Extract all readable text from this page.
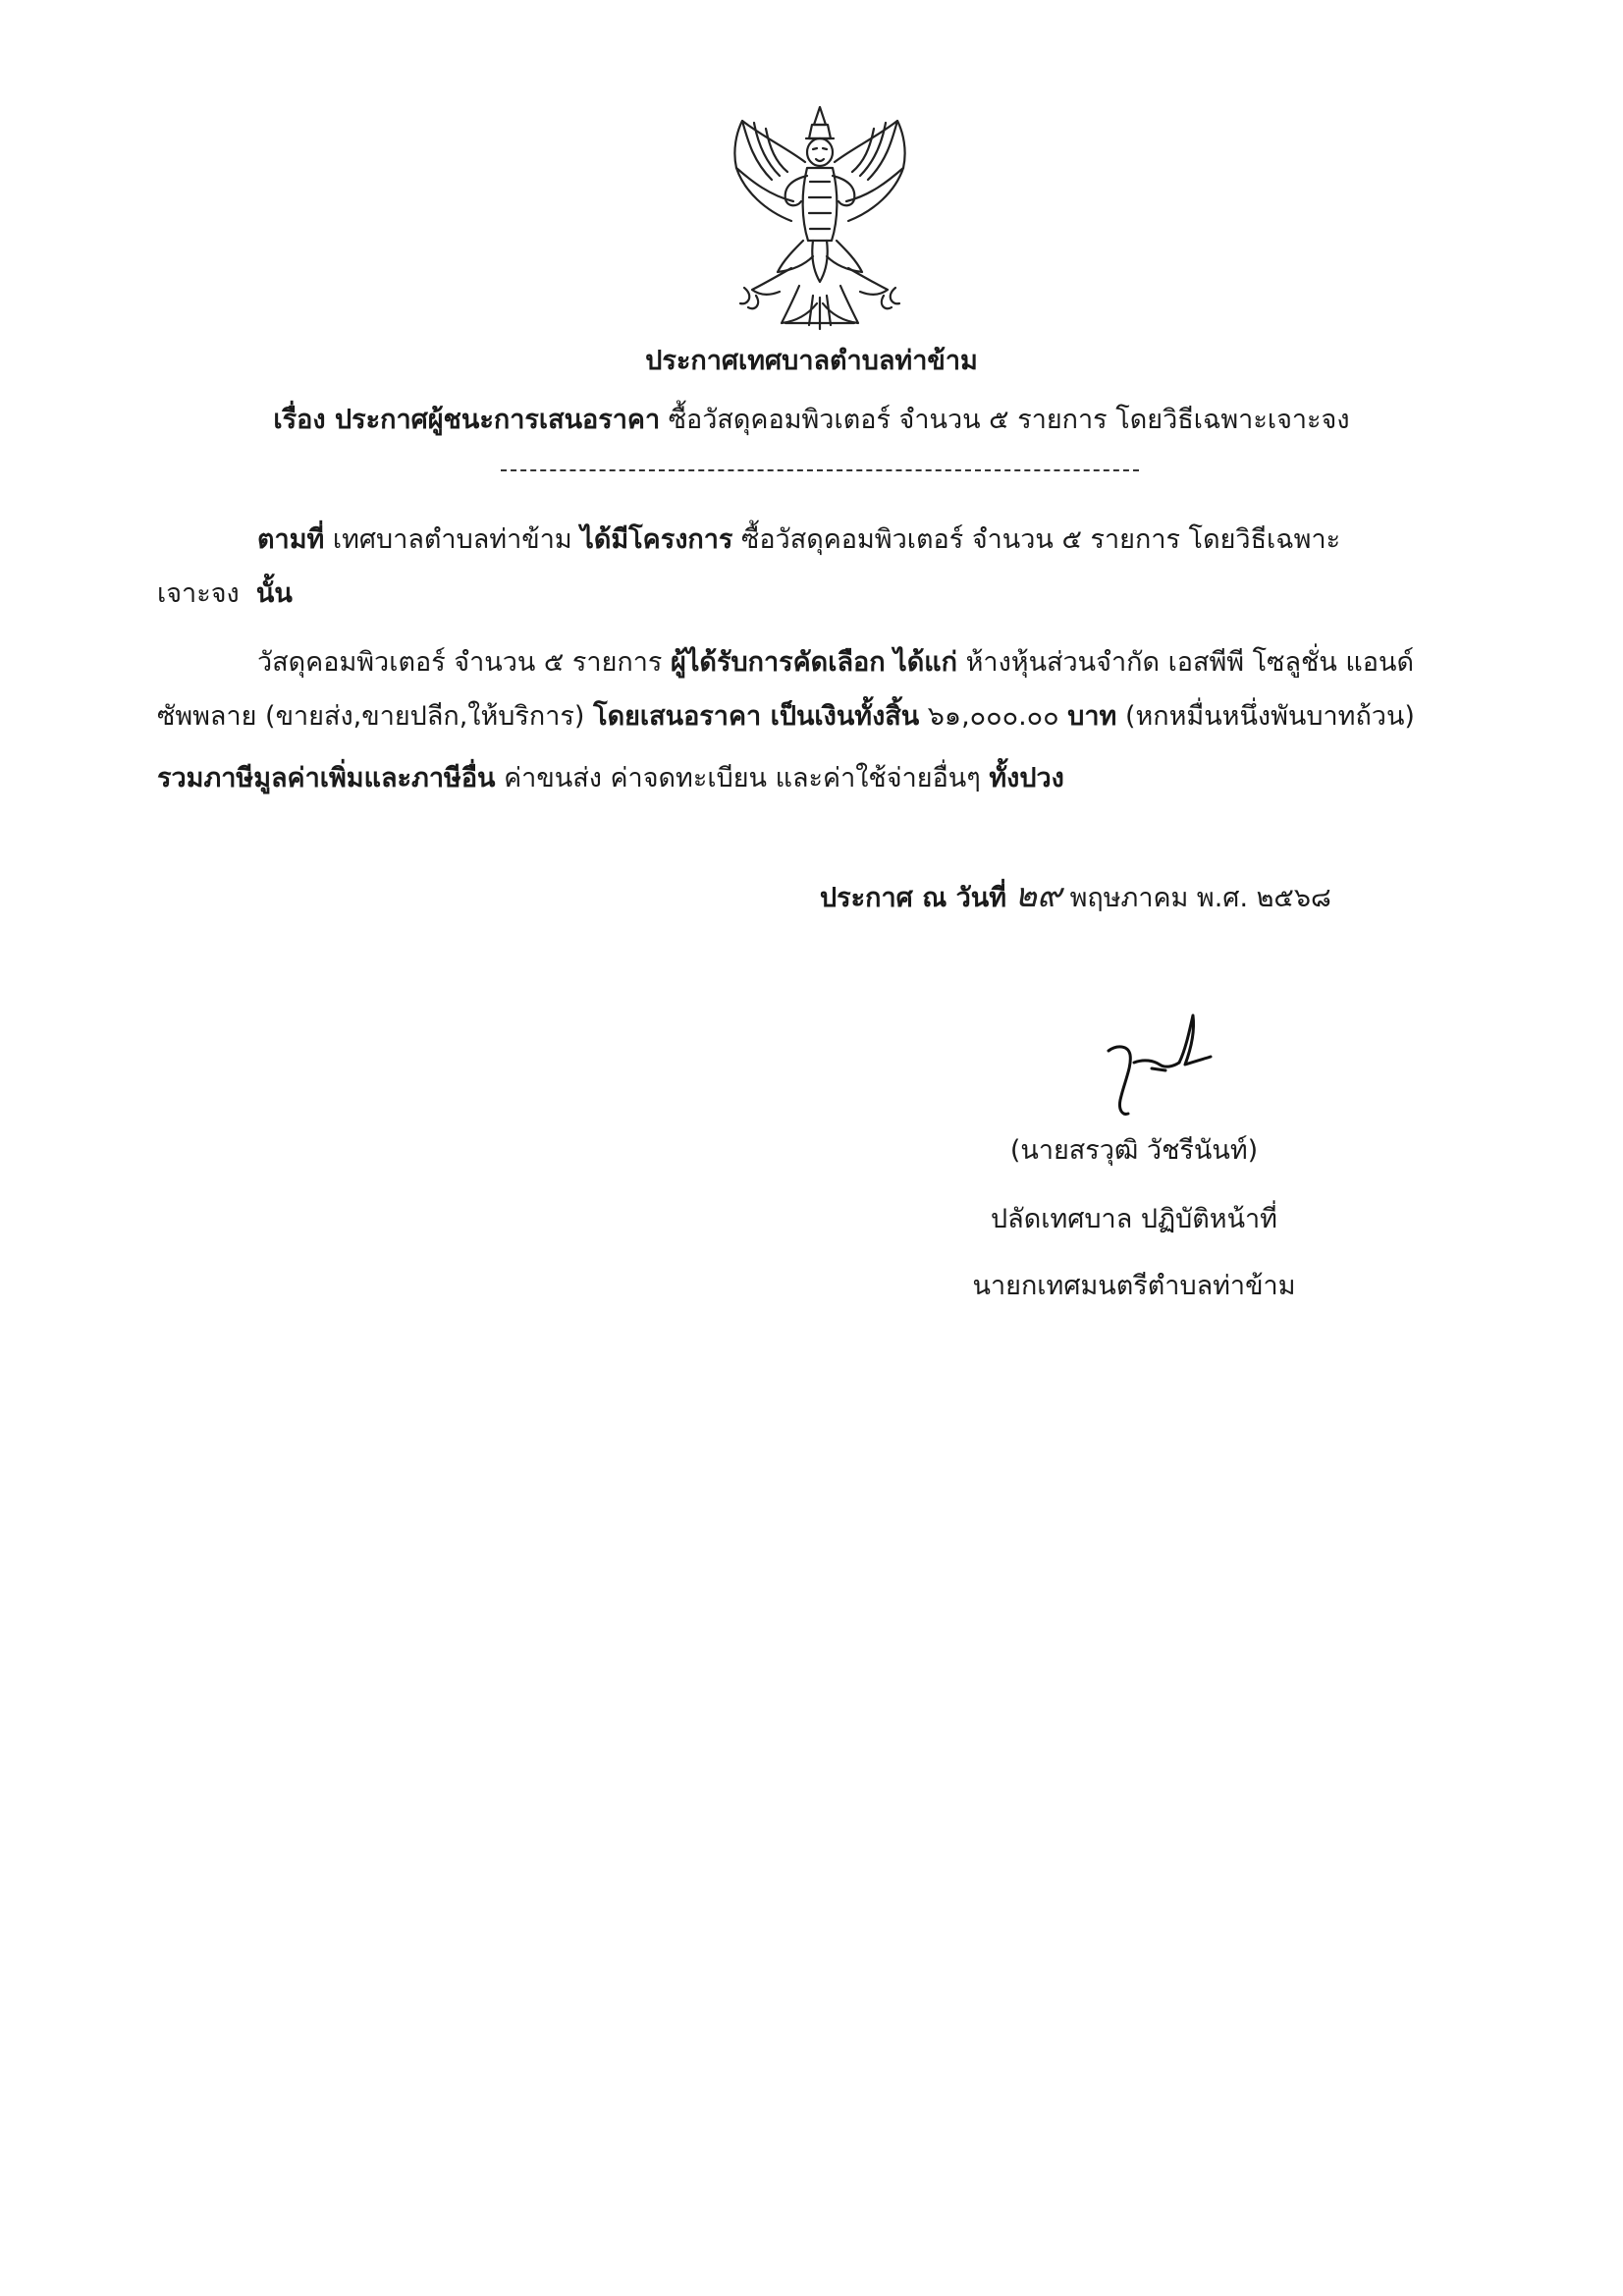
ประกาศเทศบาลตำบลท่าข้าม
เรื่อง ประกาศผู้ชนะการเสนอราคา ซื้อวัสดุคอมพิวเตอร์ จำนวน ๕ รายการ โดยวิธีเฉพาะเจาะจง
ตามที่ เทศบาลตำบลท่าข้าม ได้มีโครงการ ซื้อวัสดุคอมพิวเตอร์ จำนวน ๕ รายการ โดยวิธีเฉพาะ
เจาะจง นั้น
วัสดุคอมพิวเตอร์ จำนวน ๕ รายการ ผู้ได้รับการคัดเลือก ได้แก่ ห้างหุ้นส่วนจำกัด เอสพีพี โซลูชั่น แอนด์
ซัพพลาย (ขายส่ง,ขายปลีก,ให้บริการ) โดยเสนอราคา เป็นเงินทั้งสิ้น ๖๑,๐๐๐.๐๐ บาท (หกหมื่นหนึ่งพันบาทถ้วน)
รวมภาษีมูลค่าเพิ่มและภาษีอื่น ค่าขนส่ง ค่าจดทะเบียน และค่าใช้จ่ายอื่นๆ ทั้งปวง
ประกาศ ณ วันที่ ๒๙ พฤษภาคม พ.ศ. ๒๕๖๘
(นายสรวุฒิ วัชรีนันท์)
ปลัดเทศบาล ปฏิบัติหน้าที่
นายกเทศมนตรีตำบลท่าข้าม
